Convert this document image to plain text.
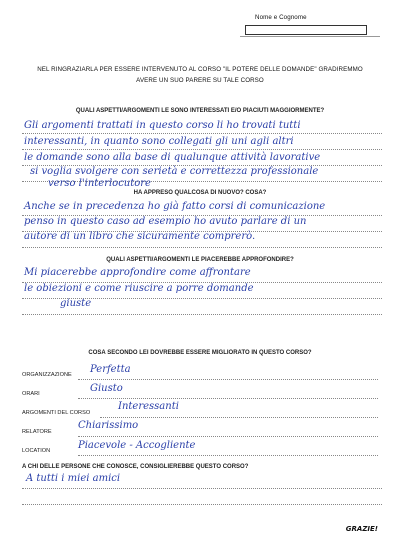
Nome e Cognome
NEL RINGRAZIARLA PER ESSERE INTERVENUTO AL CORSO "IL POTERE DELLE DOMANDE" GRADIREMMO
AVERE UN SUO PARERE SU TALE CORSO
QUALI ASPETTI/ARGOMENTI LE SONO INTERESSATI E/O PIACIUTI MAGGIORMENTE?
Gli argomenti trattati in questo corso li ho trovati tutti
interessanti, in quanto sono collegati gli uni agli altri
le domande sono alla base di qualunque attività lavorative
si voglia svolgere con serietà e correttezza professionale
verso l'interlocutore
HA APPRESO QUALCOSA DI NUOVO? COSA?
Anche se in precedenza ho già fatto corsi di comunicazione
penso in questo caso ad esempio ho avuto parlare di un
autore di un libro che sicuramente comprerò.
QUALI ASPETTI/ARGOMENTI LE PIACEREBBE APPROFONDIRE?
Mi piacerebbe approfondire come affrontare
le obiezioni e come riuscire a porre domande
giuste
COSA SECONDO LEI DOVREBBE ESSERE MIGLIORATO IN QUESTO CORSO?
ORGANIZZAZIONE Perfetta
ORARI	Giusto
ARGOMENTI DEL CORSO
Interessanti
RELATORE
Chiarissimo
LOCATION	Piacevole - Accogliente
A CHI DELLE PERSONE CHE CONOSCE, CONSIGLIEREBBE QUESTO CORSO?
A tutti i miei amici
GRAZIE!
